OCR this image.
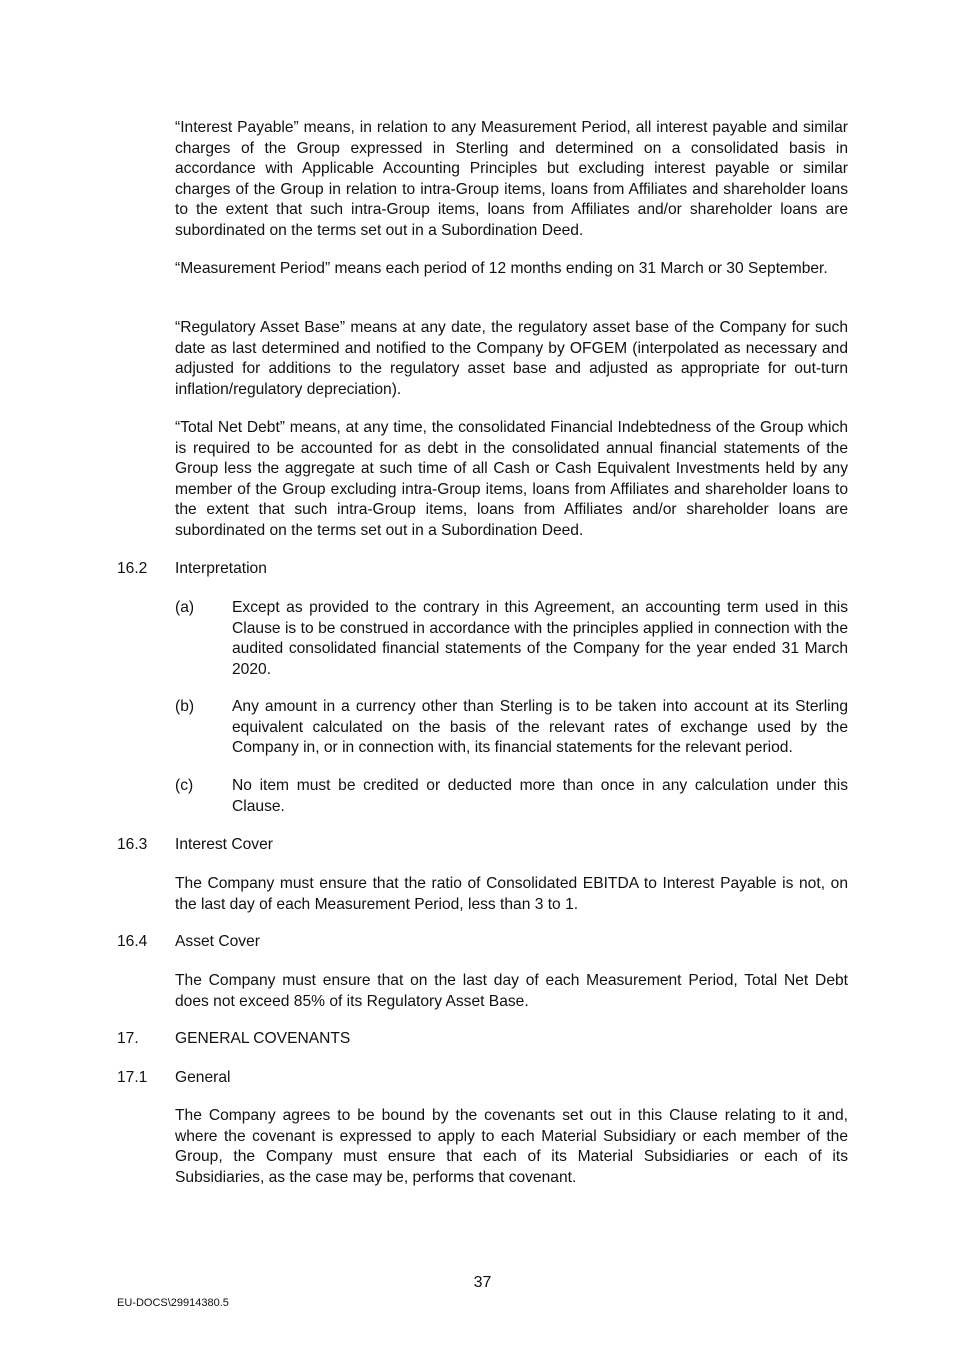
“Interest Payable” means, in relation to any Measurement Period, all interest payable and similar charges of the Group expressed in Sterling and determined on a consolidated basis in accordance with Applicable Accounting Principles but excluding interest payable or similar charges of the Group in relation to intra-Group items, loans from Affiliates and shareholder loans to the extent that such intra-Group items, loans from Affiliates and/or shareholder loans are subordinated on the terms set out in a Subordination Deed.

“Measurement Period” means each period of 12 months ending on 31 March or 30 September.

“Regulatory Asset Base” means at any date, the regulatory asset base of the Company for such date as last determined and notified to the Company by OFGEM (interpolated as necessary and adjusted for additions to the regulatory asset base and adjusted as appropriate for out-turn inflation/regulatory depreciation).

“Total Net Debt” means, at any time, the consolidated Financial Indebtedness of the Group which is required to be accounted for as debt in the consolidated annual financial statements of the Group less the aggregate at such time of all Cash or Cash Equivalent Investments held by any member of the Group excluding intra-Group items, loans from Affiliates and shareholder loans to the extent that such intra-Group items, loans from Affiliates and/or shareholder loans are subordinated on the terms set out in a Subordination Deed.

16.2 Interpretation

(a) Except as provided to the contrary in this Agreement, an accounting term used in this Clause is to be construed in accordance with the principles applied in connection with the audited consolidated financial statements of the Company for the year ended 31 March 2020.

(b) Any amount in a currency other than Sterling is to be taken into account at its Sterling equivalent calculated on the basis of the relevant rates of exchange used by the Company in, or in connection with, its financial statements for the relevant period.

(c) No item must be credited or deducted more than once in any calculation under this Clause.

16.3 Interest Cover

The Company must ensure that the ratio of Consolidated EBITDA to Interest Payable is not, on the last day of each Measurement Period, less than 3 to 1.

16.4 Asset Cover

The Company must ensure that on the last day of each Measurement Period, Total Net Debt does not exceed 85% of its Regulatory Asset Base.

17. GENERAL COVENANTS

17.1 General

The Company agrees to be bound by the covenants set out in this Clause relating to it and, where the covenant is expressed to apply to each Material Subsidiary or each member of the Group, the Company must ensure that each of its Material Subsidiaries or each of its Subsidiaries, as the case may be, performs that covenant.

37
EU-DOCS\29914380.5
